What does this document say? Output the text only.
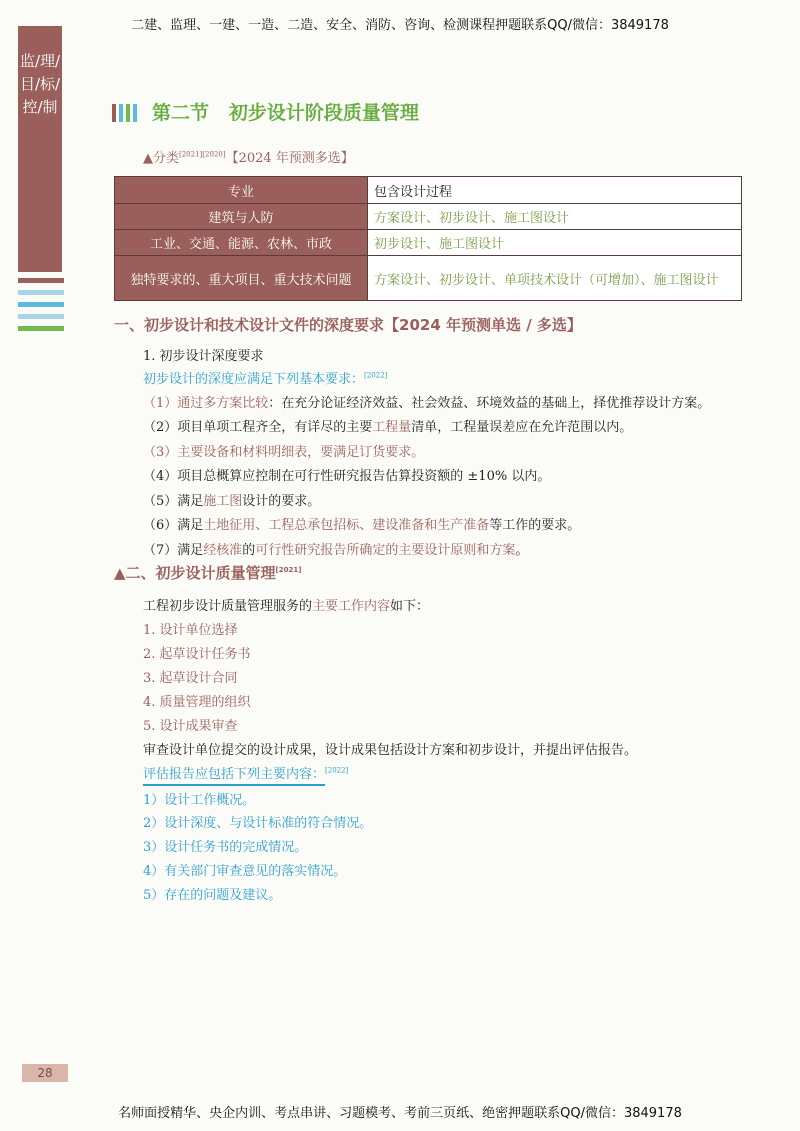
二建、监理、一建、一造、二造、安全、消防、咨询、检测课程押题联系QQ/微信：3849178
监/理/目/标/控/制	第二节   初步设计阶段质量管理
▲分类[2021][2020]【2024 年预测多选】
专业	包含设计过程
建筑与人防	方案设计、初步设计、施工图设计
工业、交通、能源、农林、市政	初步设计、施工图设计
独特要求的、重大项目、重大技术问题	方案设计、初步设计、单项技术设计（可增加）、施工图设计
一、初步设计和技术设计文件的深度要求【2024 年预测单选 / 多选】
1. 初步设计深度要求
初步设计的深度应满足下列基本要求：[2022]
（1）通过多方案比较：在充分论证经济效益、社会效益、环境效益的基础上，择优推荐设计方案。
（2）项目单项工程齐全，有详尽的主要工程量清单，工程量误差应在允许范围以内。
（3）主要设备和材料明细表，要满足订货要求。
（4）项目总概算应控制在可行性研究报告估算投资额的 ±10% 以内。
（5）满足施工图设计的要求。
（6）满足土地征用、工程总承包招标、建设准备和生产准备等工作的要求。
（7）满足经核准的可行性研究报告所确定的主要设计原则和方案。
▲二、初步设计质量管理[2021]
工程初步设计质量管理服务的主要工作内容如下：
1. 设计单位选择
2. 起草设计任务书
3. 起草设计合同
4. 质量管理的组织
5. 设计成果审查
审查设计单位提交的设计成果，设计成果包括设计方案和初步设计，并提出评估报告。
评估报告应包括下列主要内容：[2022]
1）设计工作概况。
2）设计深度、与设计标准的符合情况。
3）设计任务书的完成情况。
4）有关部门审查意见的落实情况。
5）存在的问题及建议。
28
名师面授精华、央企内训、考点串讲、习题模考、考前三页纸、绝密押题联系QQ/微信：3849178
